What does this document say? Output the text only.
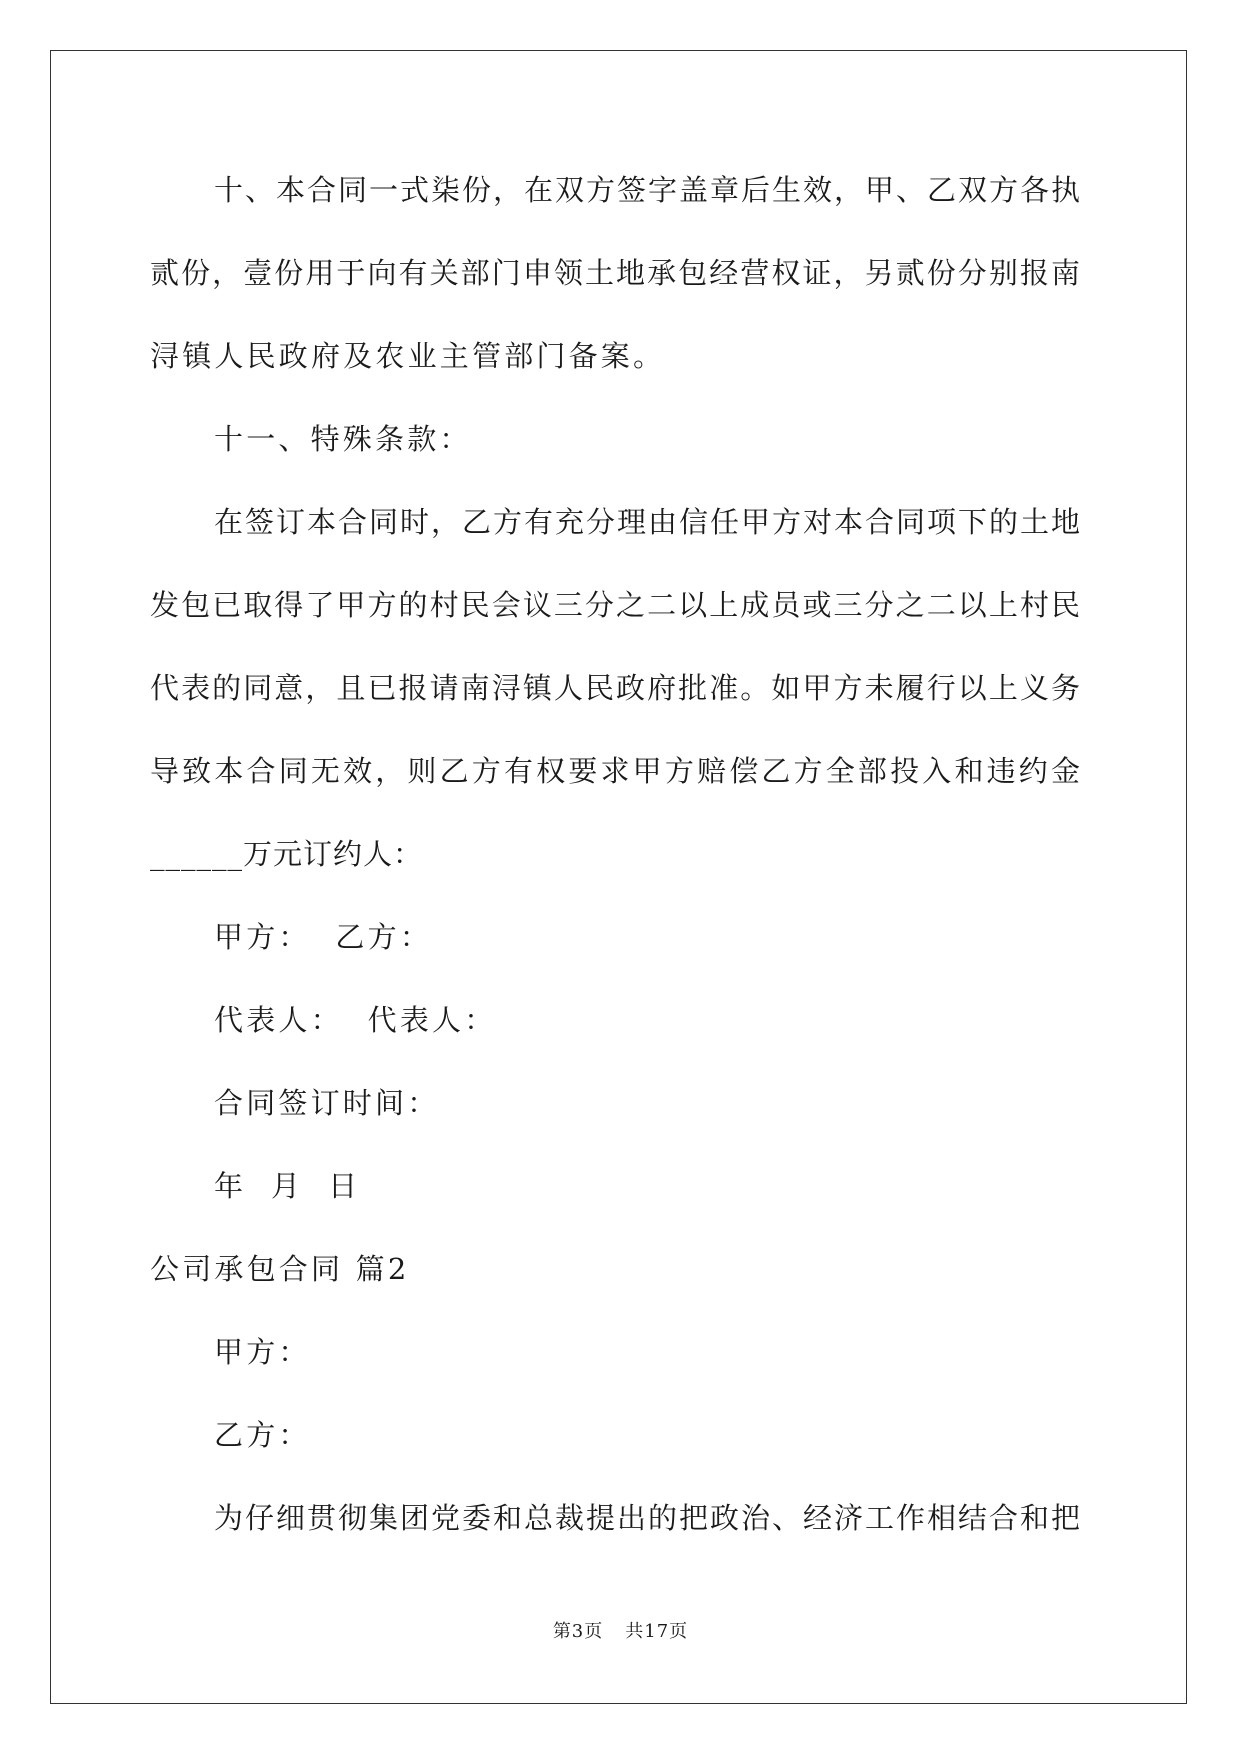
十、本合同一式柒份，在双方签字盖章后生效，甲、乙双方各执
贰份，壹份用于向有关部门申领土地承包经营权证，另贰份分别报南
浔镇人民政府及农业主管部门备案。
十一、特殊条款：
在签订本合同时，乙方有充分理由信任甲方对本合同项下的土地
发包已取得了甲方的村民会议三分之二以上成员或三分之二以上村民
代表的同意，且已报请南浔镇人民政府批准。如甲方未履行以上义务
导致本合同无效，则乙方有权要求甲方赔偿乙方全部投入和违约金
______万元订约人：
甲方：  乙方：
代表人：  代表人：
合同签订时间：
年  月  日
公司承包合同 篇2
甲方：
乙方：
为仔细贯彻集团党委和总裁提出的把政治、经济工作相结合和把
第3页 共17页
